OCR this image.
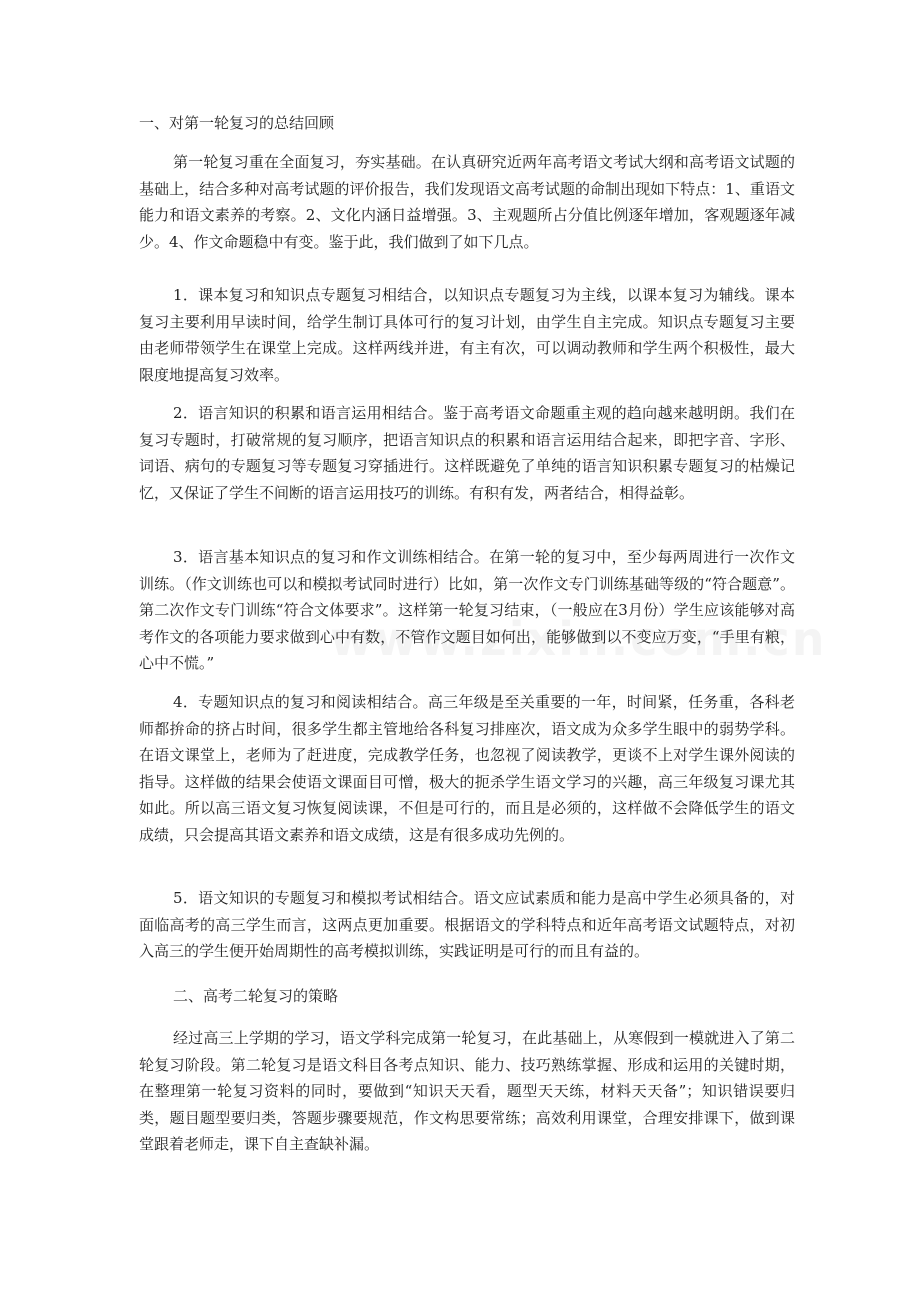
一、对第一轮复习的总结回顾

第一轮复习重在全面复习，夯实基础。在认真研究近两年高考语文考试大纲和高考语文试题的基础上，结合多种对高考试题的评价报告，我们发现语文高考试题的命制出现如下特点：1、重语文能力和语文素养的考察。2、文化内涵日益增强。3、主观题所占分值比例逐年增加，客观题逐年减少。4、作文命题稳中有变。鉴于此，我们做到了如下几点。

1．课本复习和知识点专题复习相结合，以知识点专题复习为主线，以课本复习为辅线。课本复习主要利用早读时间，给学生制订具体可行的复习计划，由学生自主完成。知识点专题复习主要由老师带领学生在课堂上完成。这样两线并进，有主有次，可以调动教师和学生两个积极性，最大限度地提高复习效率。

2．语言知识的积累和语言运用相结合。鉴于高考语文命题重主观的趋向越来越明朗。我们在复习专题时，打破常规的复习顺序，把语言知识点的积累和语言运用结合起来，即把字音、字形、词语、病句的专题复习等专题复习穿插进行。这样既避免了单纯的语言知识积累专题复习的枯燥记忆，又保证了学生不间断的语言运用技巧的训练。有积有发，两者结合，相得益彰。

3．语言基本知识点的复习和作文训练相结合。在第一轮的复习中，至少每两周进行一次作文训练。（作文训练也可以和模拟考试同时进行）比如，第一次作文专门训练基础等级的“符合题意”。第二次作文专门训练“符合文体要求”。这样第一轮复习结束，（一般应在3月份）学生应该能够对高考作文的各项能力要求做到心中有数，不管作文题目如何出，能够做到以不变应万变，“手里有粮，心中不慌。”

4．专题知识点的复习和阅读相结合。高三年级是至关重要的一年，时间紧，任务重，各科老师都拚命的挤占时间，很多学生都主管地给各科复习排座次，语文成为众多学生眼中的弱势学科。在语文课堂上，老师为了赶进度，完成教学任务，也忽视了阅读教学，更谈不上对学生课外阅读的指导。这样做的结果会使语文课面目可憎，极大的扼杀学生语文学习的兴趣，高三年级复习课尤其如此。所以高三语文复习恢复阅读课，不但是可行的，而且是必须的，这样做不会降低学生的语文成绩，只会提高其语文素养和语文成绩，这是有很多成功先例的。

5．语文知识的专题复习和模拟考试相结合。语文应试素质和能力是高中学生必须具备的，对面临高考的高三学生而言，这两点更加重要。根据语文的学科特点和近年高考语文试题特点，对初入高三的学生便开始周期性的高考模拟训练，实践证明是可行的而且有益的。

二、高考二轮复习的策略

经过高三上学期的学习，语文学科完成第一轮复习，在此基础上，从寒假到一模就进入了第二轮复习阶段。第二轮复习是语文科目各考点知识、能力、技巧熟练掌握、形成和运用的关键时期，在整理第一轮复习资料的同时，要做到“知识天天看，题型天天练，材料天天备”；知识错误要归类，题目题型要归类，答题步骤要规范，作文构思要常练；高效利用课堂，合理安排课下，做到课堂跟着老师走，课下自主查缺补漏。
